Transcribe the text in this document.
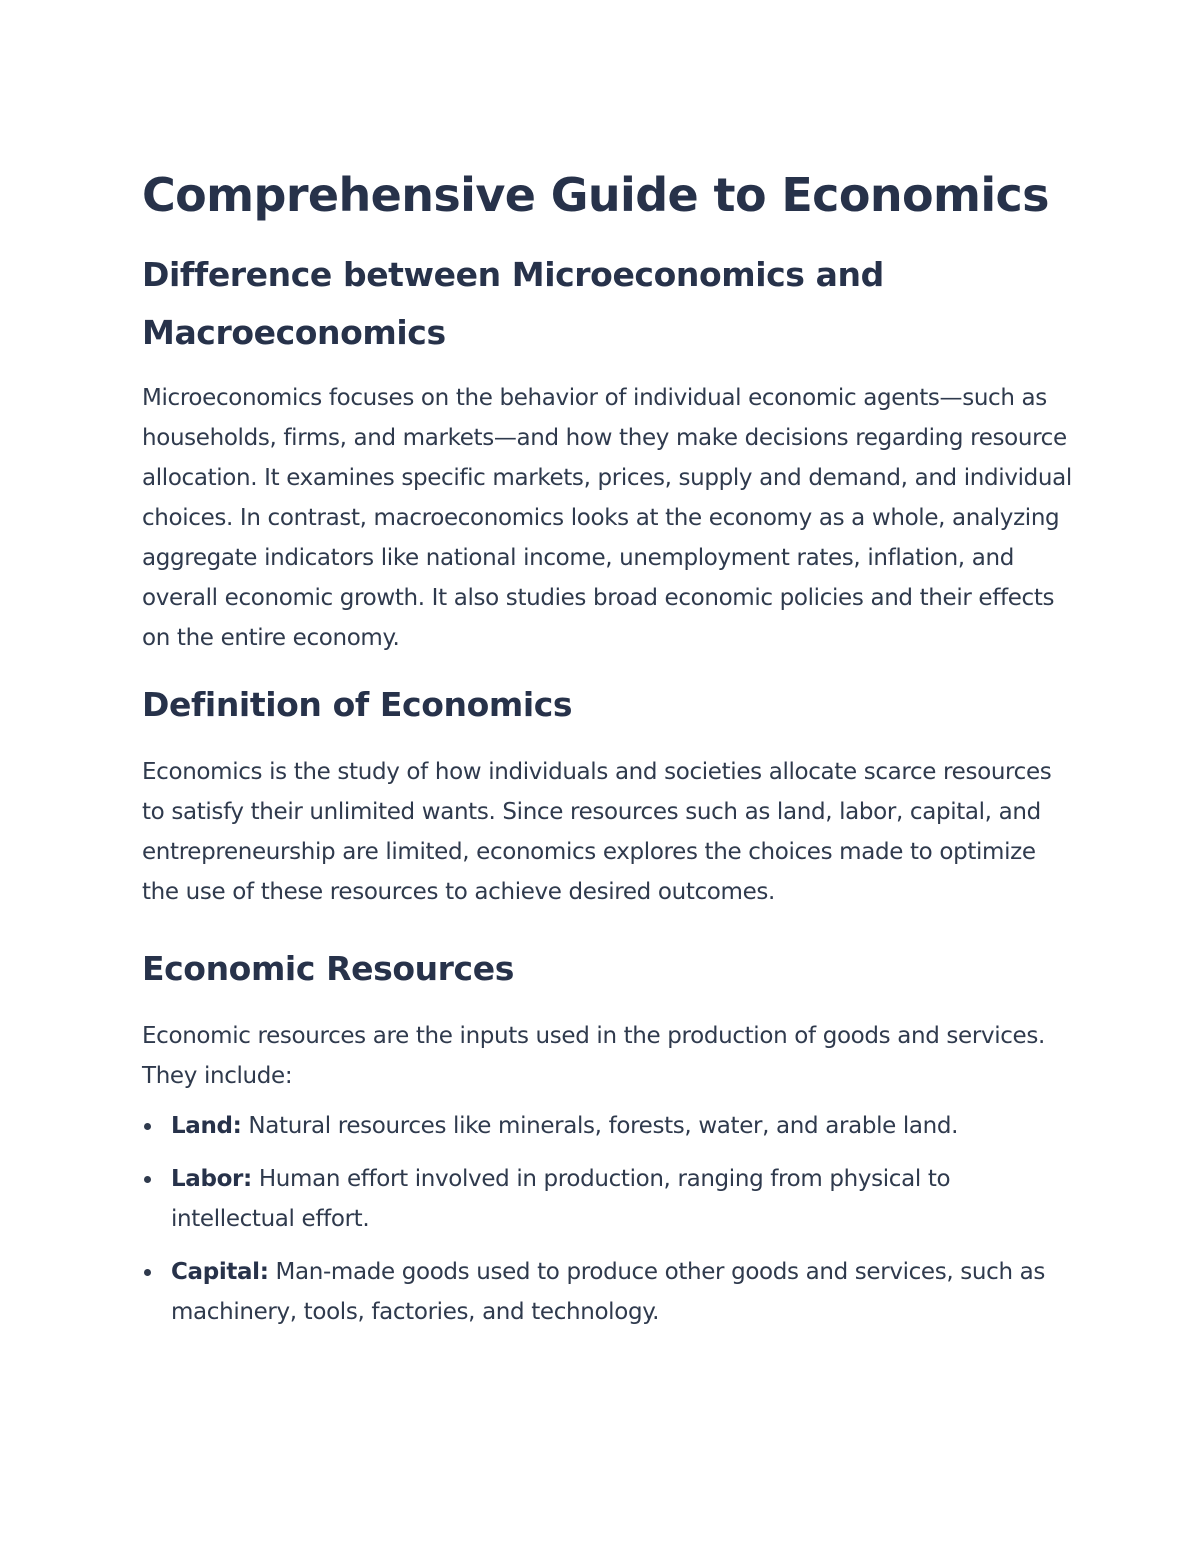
Comprehensive Guide to Economics
Difference between Microeconomics and Macroeconomics

Microeconomics focuses on the behavior of individual economic agents—such as households, firms, and markets—and how they make decisions regarding resource allocation. It examines specific markets, prices, supply and demand, and individual choices. In contrast, macroeconomics looks at the economy as a whole, analyzing aggregate indicators like national income, unemployment rates, inflation, and overall economic growth. It also studies broad economic policies and their effects on the entire economy.

Definition of Economics

Economics is the study of how individuals and societies allocate scarce resources to satisfy their unlimited wants. Since resources such as land, labor, capital, and entrepreneurship are limited, economics explores the choices made to optimize the use of these resources to achieve desired outcomes.

Economic Resources

Economic resources are the inputs used in the production of goods and services. They include:

Land: Natural resources like minerals, forests, water, and arable land.
Labor: Human effort involved in production, ranging from physical to intellectual effort.
Capital: Man-made goods used to produce other goods and services, such as machinery, tools, factories, and technology.
